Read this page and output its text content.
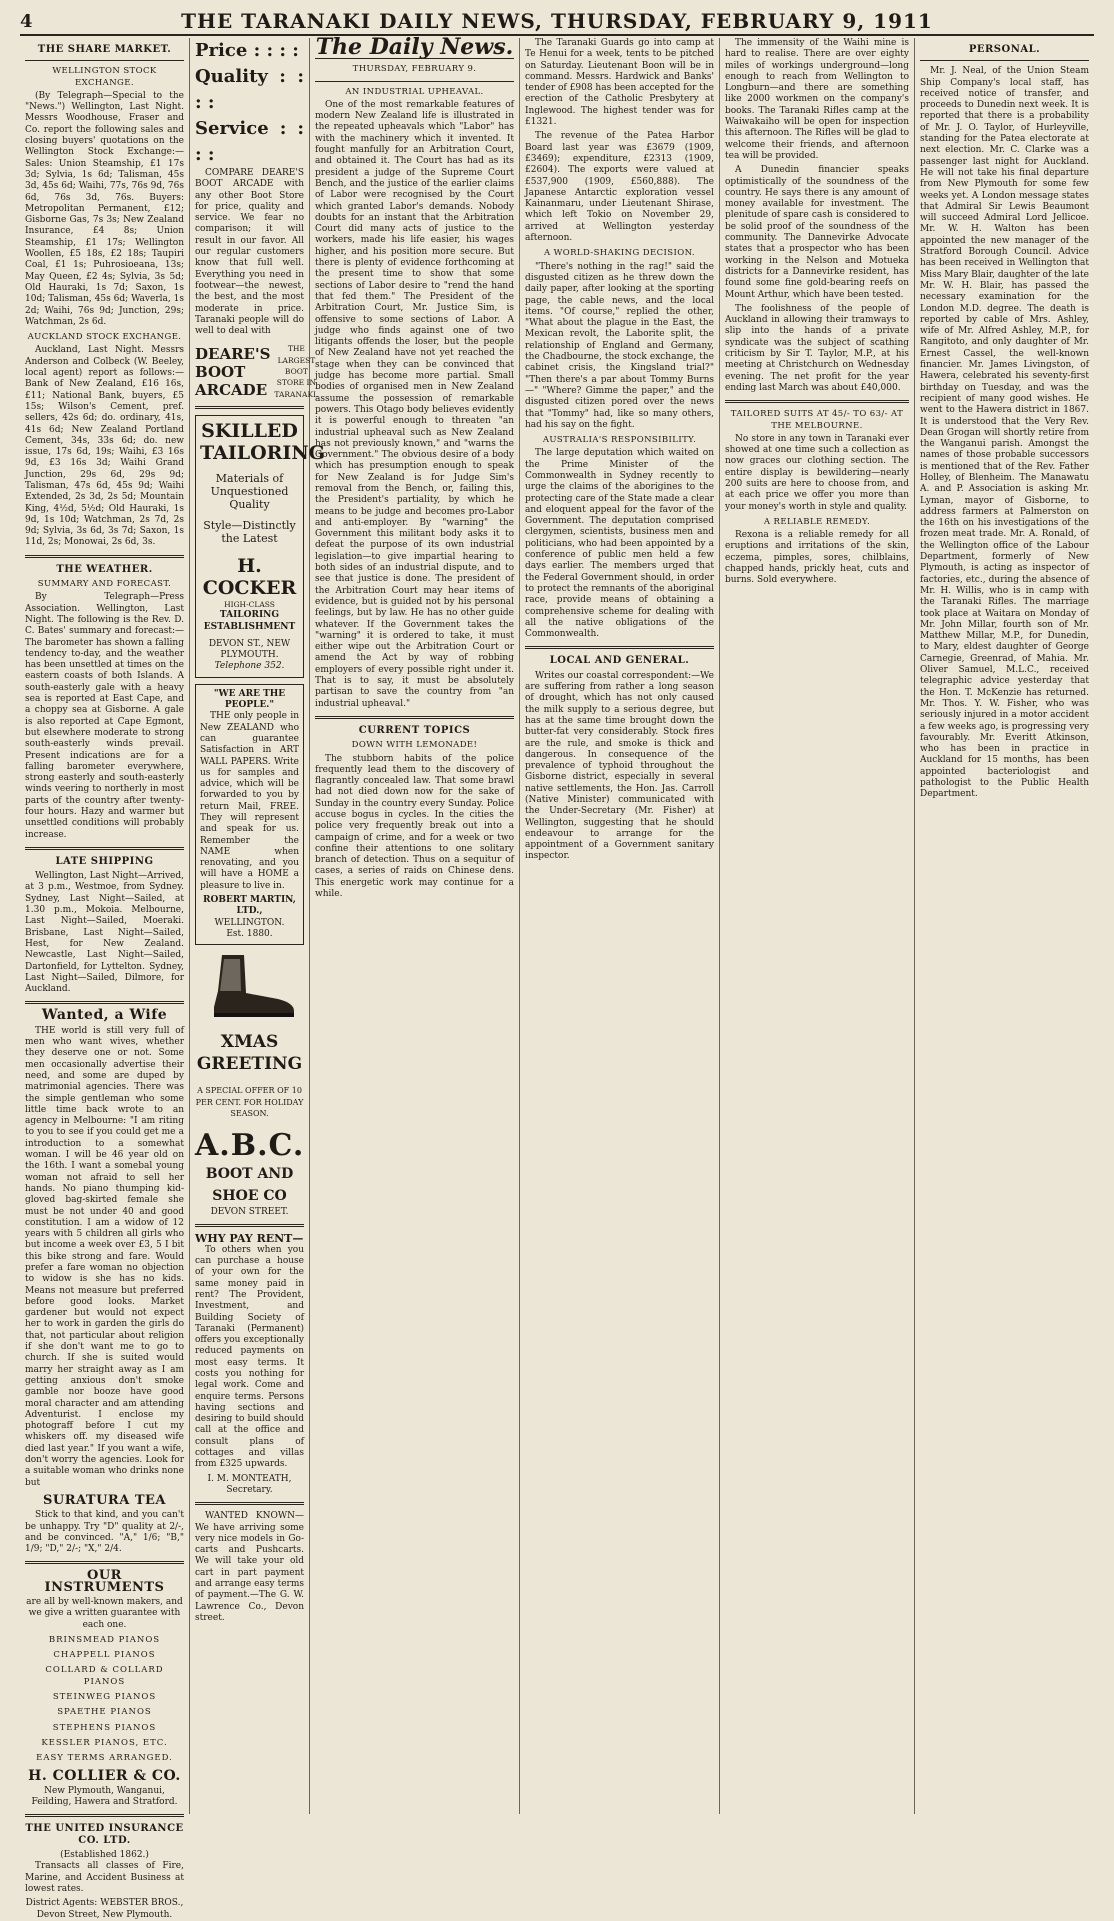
4	THE TARANAKI DAILY NEWS, THURSDAY, FEBRUARY 9, 1911
THE SHARE MARKET.
WELLINGTON STOCK EXCHANGE.

(By Telegraph—Special to the "News.") Wellington, Last Night. Messrs Woodhouse, Fraser and Co. report the following sales and closing buyers' quotations on the Wellington Stock Exchange:—Sales: Union Steamship, £1 17s 3d; Sylvia, 1s 6d; Talisman, 45s 3d, 45s 6d; Waihi, 77s, 76s 9d, 76s 6d, 76s 3d, 76s. Buyers: Metropolitan Permanent, £12; Gisborne Gas, 7s 3s; New Zealand Insurance, £4 8s; Union Steamship, £1 17s; Wellington Woollen, £5 18s, £2 18s; Taupiri Coal, £1 1s; Puhrosioeana, 13s; May Queen, £2 4s; Sylvia, 3s 5d; Old Hauraki, 1s 7d; Saxon, 1s 10d; Talisman, 45s 6d; Waverla, 1s 2d; Waihi, 76s 9d; Junction, 29s; Watchman, 2s 6d.

AUCKLAND STOCK EXCHANGE.

Auckland, Last Night. Messrs Anderson and Colbeck (W. Beeley, local agent) report as follows:—Bank of New Zealand, £16 16s, £11; National Bank, buyers, £5 15s; Wilson's Cement, pref. sellers, 42s 6d; do. ordinary, 41s, 41s 6d; New Zealand Portland Cement, 34s, 33s 6d; do. new issue, 17s 6d, 19s; Waihi, £3 16s 9d, £3 16s 3d; Waihi Grand Junction, 29s 6d, 29s 9d; Talisman, 47s 6d, 45s 9d; Waihi Extended, 2s 3d, 2s 5d; Mountain King, 4½d, 5½d; Old Hauraki, 1s 9d, 1s 10d; Watchman, 2s 7d, 2s 9d; Sylvia, 3s 6d, 3s 7d; Saxon, 1s 11d, 2s; Monowai, 2s 6d, 3s.

THE WEATHER.
SUMMARY AND FORECAST.

By Telegraph—Press Association. Wellington, Last Night. The following is the Rev. D. C. Bates' summary and forecast:—The barometer has shown a falling tendency to-day, and the weather has been unsettled at times on the eastern coasts of both Islands. A south-easterly gale with a heavy sea is reported at East Cape, and a choppy sea at Gisborne. A gale is also reported at Cape Egmont, but elsewhere moderate to strong south-easterly winds prevail. Present indications are for a falling barometer everywhere, strong easterly and south-easterly winds veering to northerly in most parts of the country after twenty-four hours. Hazy and warmer but unsettled conditions will probably increase.

LATE SHIPPING

Wellington, Last Night—Arrived, at 3 p.m., Westmoe, from Sydney. Sydney, Last Night—Sailed, at 1.30 p.m., Mokoia. Melbourne, Last Night—Sailed, Moeraki. Brisbane, Last Night—Sailed, Hest, for New Zealand. Newcastle, Last Night—Sailed, Dartonfield, for Lyttelton. Sydney, Last Night—Sailed, Dilmore, for Auckland.

Wanted, a Wife

THE world is still very full of men who want wives, whether they deserve one or not. Some men occasionally advertise their need, and some are duped by matrimonial agencies. There was the simple gentleman who some little time back wrote to an agency in Melbourne: "I am riting to you to see if you could get me a introduction to a somewhat woman. I will be 46 year old on the 16th. I want a somebal young woman not afraid to sell her hands. No piano thumping kid-gloved bag-skirted female she must be not under 40 and good constitution. I am a widow of 12 years with 5 children all girls who but income a week over £3, 5 I bit this bike strong and fare. Would prefer a fare woman no objection to widow is she has no kids. Means not measure but preferred before good looks. Market gardener but would not expect her to work in garden the girls do that, not particular about religion if she don't want me to go to church. If she is suited would marry her straight away as I am getting anxious don't smoke gamble nor booze have good moral character and am attending Adventurist. I enclose my photograff before I cut my whiskers off. my diseased wife died last year." If you want a wife, don't worry the agencies. Look for a suitable woman who drinks none but

SURATURA TEA

Stick to that kind, and you can't be unhappy. Try "D" quality at 2/-, and be convinced. "A," 1/6; "B," 1/9; "D," 2/-; "X," 2/4.

OUR INSTRUMENTS
are all by well-known makers, and we give a written guarantee with each one.
BRINSMEAD PIANOS
CHAPPELL PIANOS
COLLARD & COLLARD PIANOS
STEINWEG PIANOS
SPAETHE PIANOS
STEPHENS PIANOS
KESSLER PIANOS, ETC.
EASY TERMS ARRANGED.
H. COLLIER & CO.
New Plymouth, Wanganui, Feilding, Hawera and Stratford.
THE UNITED INSURANCE CO. LTD.
(Established 1862.)

Transacts all classes of Fire, Marine, and Accident Business at lowest rates.

District Agents: WEBSTER BROS., Devon Street, New Plymouth.
Price : : : :
Quality : : : :
Service : : : :

COMPARE DEARE'S BOOT ARCADE with any other Boot Store for price, quality and service. We fear no comparison; it will result in our favor. All our regular customers know that full well. Everything you need in footwear—the newest, the best, and the most moderate in price. Taranaki people will do well to deal with

DEARE'S BOOT ARCADE
THE LARGEST BOOT STORE IN TARANAKI.
SKILLED TAILORING
Materials of Unquestioned Quality
Style—Distinctly the Latest
H. COCKER
HIGH-CLASS
TAILORING ESTABLISHMENT
DEVON ST., NEW PLYMOUTH.
Telephone 352.
"WE ARE THE PEOPLE."

THE only people in New ZEALAND who can guarantee Satisfaction in ART WALL PAPERS. Write us for samples and advice, which will be forwarded to you by return Mail, FREE. They will represent and speak for us. Remember the NAME when renovating, and you will have a HOME a pleasure to live in.

ROBERT MARTIN, LTD.,
WELLINGTON.
Est. 1880.
XMAS GREETING
A SPECIAL OFFER OF 10 PER CENT. FOR HOLIDAY SEASON.
A.B.C.
BOOT AND SHOE CO
DEVON STREET.
WHY PAY RENT—

To others when you can purchase a house of your own for the same money paid in rent? The Provident, Investment, and Building Society of Taranaki (Permanent) offers you exceptionally reduced payments on most easy terms. It costs you nothing for legal work. Come and enquire terms. Persons having sections and desiring to build should call at the office and consult plans of cottages and villas from £325 upwards.

I. M. MONTEATH, Secretary.

WANTED KNOWN—We have arriving some very nice models in Go-carts and Pushcarts. We will take your old cart in part payment and arrange easy terms of payment.—The G. W. Lawrence Co., Devon street.

The Daily News.
THURSDAY, FEBRUARY 9.
AN INDUSTRIAL UPHEAVAL.

One of the most remarkable features of modern New Zealand life is illustrated in the repeated upheavals which "Labor" has with the machinery which it invented. It fought manfully for an Arbitration Court, and obtained it. The Court has had as its president a judge of the Supreme Court Bench, and the justice of the earlier claims of Labor were recognised by the Court which granted Labor's demands. Nobody doubts for an instant that the Arbitration Court did many acts of justice to the workers, made his life easier, his wages higher, and his position more secure. But there is plenty of evidence forthcoming at the present time to show that some sections of Labor desire to "rend the hand that fed them." The President of the Arbitration Court, Mr. Justice Sim, is offensive to some sections of Labor. A judge who finds against one of two litigants offends the loser, but the people of New Zealand have not yet reached the stage when they can be convinced that judge has become more partial. Small bodies of organised men in New Zealand assume the possession of remarkable powers. This Otago body believes evidently it is powerful enough to threaten "an industrial upheaval such as New Zealand has not previously known," and "warns the Government." The obvious desire of a body which has presumption enough to speak for New Zealand is for Judge Sim's removal from the Bench, or, failing this, the President's partiality, by which he means to be judge and becomes pro-Labor and anti-employer. By "warning" the Government this militant body asks it to defeat the purpose of its own industrial legislation—to give impartial hearing to both sides of an industrial dispute, and to see that justice is done. The president of the Arbitration Court may hear items of evidence, but is guided not by his personal feelings, but by law. He has no other guide whatever. If the Government takes the "warning" it is ordered to take, it must either wipe out the Arbitration Court or amend the Act by way of robbing employers of every possible right under it. That is to say, it must be absolutely partisan to save the country from "an industrial upheaval."

CURRENT TOPICS
DOWN WITH LEMONADE!

The stubborn habits of the police frequently lead them to the discovery of flagrantly concealed law. That some brawl had not died down now for the sake of Sunday in the country every Sunday. Police accuse bogus in cycles. In the cities the police very frequently break out into a campaign of crime, and for a week or two confine their attentions to one solitary branch of detection. Thus on a sequitur of cases, a series of raids on Chinese dens. This energetic work may continue for a while.

The Taranaki Guards go into camp at Te Henui for a week, tents to be pitched on Saturday. Lieutenant Boon will be in command. Messrs. Hardwick and Banks' tender of £908 has been accepted for the erection of the Catholic Presbytery at Inglewood. The highest tender was for £1321.

The revenue of the Patea Harbor Board last year was £3679 (1909, £3469); expenditure, £2313 (1909, £2604). The exports were valued at £537,900 (1909, £560,888). The Japanese Antarctic exploration vessel Kainanmaru, under Lieutenant Shirase, which left Tokio on November 29, arrived at Wellington yesterday afternoon.

A WORLD-SHAKING DECISION.

"There's nothing in the rag!" said the disgusted citizen as he threw down the daily paper, after looking at the sporting page, the cable news, and the local items. "Of course," replied the other, "What about the plague in the East, the Mexican revolt, the Laborite split, the relationship of England and Germany, the Chadbourne, the stock exchange, the cabinet crisis, the Kingsland trial?" "Then there's a par about Tommy Burns—" "Where? Gimme the paper," and the disgusted citizen pored over the news that "Tommy" had, like so many others, had his say on the fight.

AUSTRALIA'S RESPONSIBILITY.

The large deputation which waited on the Prime Minister of the Commonwealth in Sydney recently to urge the claims of the aborigines to the protecting care of the State made a clear and eloquent appeal for the favor of the Government. The deputation comprised clergymen, scientists, business men and politicians, who had been appointed by a conference of public men held a few days earlier. The members urged that the Federal Government should, in order to protect the remnants of the aboriginal race, provide means of obtaining a comprehensive scheme for dealing with all the native obligations of the Commonwealth.

LOCAL AND GENERAL.

Writes our coastal correspondent:—We are suffering from rather a long season of drought, which has not only caused the milk supply to a serious degree, but has at the same time brought down the butter-fat very considerably. Stock fires are the rule, and smoke is thick and dangerous. In consequence of the prevalence of typhoid throughout the Gisborne district, especially in several native settlements, the Hon. Jas. Carroll (Native Minister) communicated with the Under-Secretary (Mr. Fisher) at Wellington, suggesting that he should endeavour to arrange for the appointment of a Government sanitary inspector.

The immensity of the Waihi mine is hard to realise. There are over eighty miles of workings underground—long enough to reach from Wellington to Longburn—and there are something like 2000 workmen on the company's books. The Taranaki Rifles camp at the Waiwakaiho will be open for inspection this afternoon. The Rifles will be glad to welcome their friends, and afternoon tea will be provided.

A Dunedin financier speaks optimistically of the soundness of the country. He says there is any amount of money available for investment. The plenitude of spare cash is considered to be solid proof of the soundness of the community. The Dannevirke Advocate states that a prospector who has been working in the Nelson and Motueka districts for a Dannevirke resident, has found some fine gold-bearing reefs on Mount Arthur, which have been tested.

The foolishness of the people of Auckland in allowing their tramways to slip into the hands of a private syndicate was the subject of scathing criticism by Sir T. Taylor, M.P., at his meeting at Christchurch on Wednesday evening. The net profit for the year ending last March was about £40,000.

TAILORED SUITS AT 45/- TO 63/- AT THE MELBOURNE.

No store in any town in Taranaki ever showed at one time such a collection as now graces our clothing section. The entire display is bewildering—nearly 200 suits are here to choose from, and at each price we offer you more than your money's worth in style and quality.

A RELIABLE REMEDY.

Rexona is a reliable remedy for all eruptions and irritations of the skin, eczema, pimples, sores, chilblains, chapped hands, prickly heat, cuts and burns. Sold everywhere.

PERSONAL.

Mr. J. Neal, of the Union Steam Ship Company's local staff, has received notice of transfer, and proceeds to Dunedin next week. It is reported that there is a probability of Mr. J. O. Taylor, of Hurleyville, standing for the Patea electorate at next election. Mr. C. Clarke was a passenger last night for Auckland. He will not take his final departure from New Plymouth for some few weeks yet. A London message states that Admiral Sir Lewis Beaumont will succeed Admiral Lord Jellicoe. Mr. W. H. Walton has been appointed the new manager of the Stratford Borough Council. Advice has been received in Wellington that Miss Mary Blair, daughter of the late Mr. W. H. Blair, has passed the necessary examination for the London M.D. degree. The death is reported by cable of Mrs. Ashley, wife of Mr. Alfred Ashley, M.P., for Rangitoto, and only daughter of Mr. Ernest Cassel, the well-known financier. Mr. James Livingston, of Hawera, celebrated his seventy-first birthday on Tuesday, and was the recipient of many good wishes. He went to the Hawera district in 1867. It is understood that the Very Rev. Dean Grogan will shortly retire from the Wanganui parish. Amongst the names of those probable successors is mentioned that of the Rev. Father Holley, of Blenheim. The Manawatu A. and P. Association is asking Mr. Lyman, mayor of Gisborne, to address farmers at Palmerston on the 16th on his investigations of the frozen meat trade. Mr. A. Ronald, of the Wellington office of the Labour Department, formerly of New Plymouth, is acting as inspector of factories, etc., during the absence of Mr. H. Willis, who is in camp with the Taranaki Rifles. The marriage took place at Waitara on Monday of Mr. John Millar, fourth son of Mr. Matthew Millar, M.P., for Dunedin, to Mary, eldest daughter of George Carnegie, Greenrad, of Mahia. Mr. Oliver Samuel, M.L.C., received telegraphic advice yesterday that the Hon. T. McKenzie has returned. Mr. Thos. Y. W. Fisher, who was seriously injured in a motor accident a few weeks ago, is progressing very favourably. Mr. Everitt Atkinson, who has been in practice in Auckland for 15 months, has been appointed bacteriologist and pathologist to the Public Health Department.
